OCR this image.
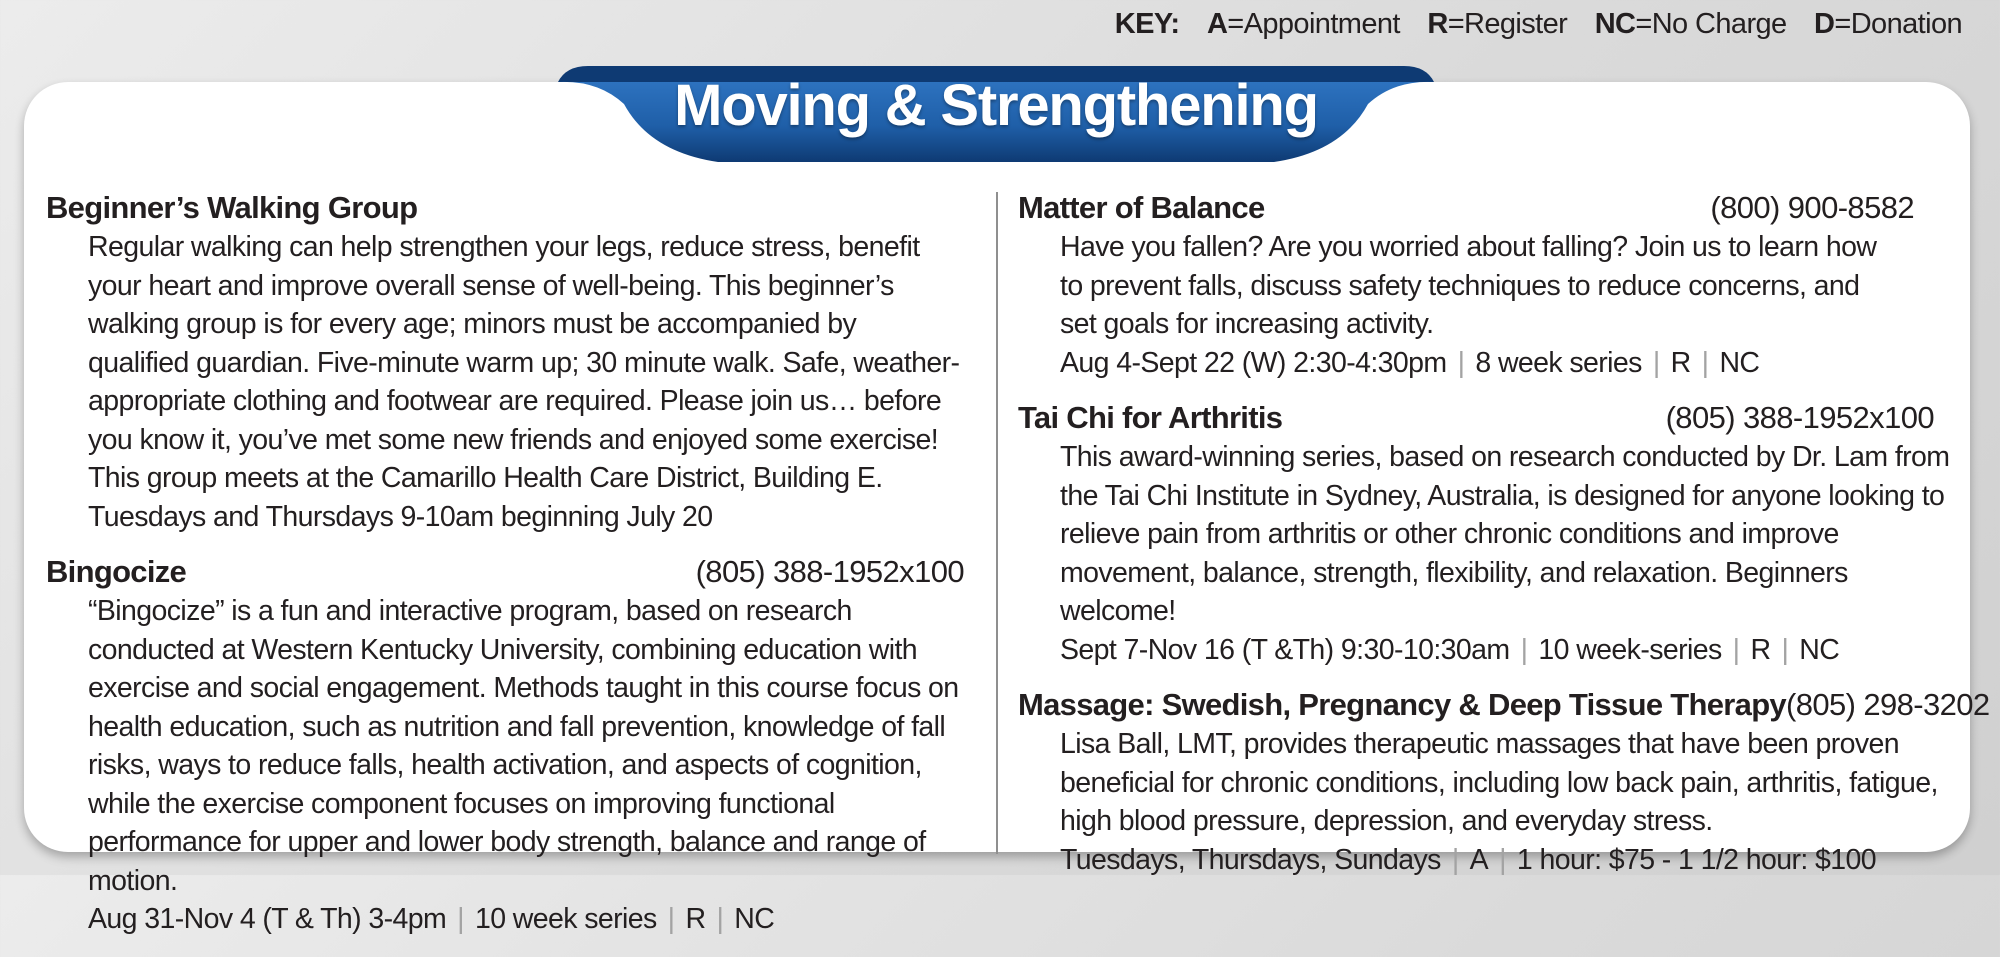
KEY: A=Appointment R=Register NC=No Charge D=Donation
Moving & Strengthening
Beginner’s Walking Group
Regular walking can help strengthen your legs, reduce stress, benefit your heart and improve overall sense of well-being. This beginner’s walking group is for every age; minors must be accompanied by qualified guardian. Five-minute warm up; 30 minute walk. Safe, weather-appropriate clothing and footwear are required. Please join us… before you know it, you’ve met some new friends and enjoyed some exercise! This group meets at the Camarillo Health Care District, Building E.
Tuesdays and Thursdays 9-10am beginning July 20
Bingocize	(805) 388-1952x100
“Bingocize” is a fun and interactive program, based on research conducted at Western Kentucky University, combining education with exercise and social engagement. Methods taught in this course focus on health education, such as nutrition and fall prevention, knowledge of fall risks, ways to reduce falls, health activation, and aspects of cognition, while the exercise component focuses on improving functional performance for upper and lower body strength, balance and range of motion.
Aug 31-Nov 4 (T & Th) 3-4pm | 10 week series | R | NC
Matter of Balance	(800) 900-8582
Have you fallen? Are you worried about falling? Join us to learn how to prevent falls, discuss safety techniques to reduce concerns, and set goals for increasing activity.
Aug 4-Sept 22 (W) 2:30-4:30pm | 8 week series | R | NC
Tai Chi for Arthritis	(805) 388-1952x100
This award-winning series, based on research conducted by Dr. Lam from the Tai Chi Institute in Sydney, Australia, is designed for anyone looking to relieve pain from arthritis or other chronic conditions and improve movement, balance, strength, flexibility, and relaxation. Beginners welcome!
Sept 7-Nov 16 (T &Th) 9:30-10:30am | 10 week-series | R | NC
Massage: Swedish, Pregnancy & Deep Tissue Therapy (805) 298-3202
Lisa Ball, LMT, provides therapeutic massages that have been proven beneficial for chronic conditions, including low back pain, arthritis, fatigue, high blood pressure, depression, and everyday stress.
Tuesdays, Thursdays, Sundays | A | 1 hour: $75 - 1 1/2 hour: $100
